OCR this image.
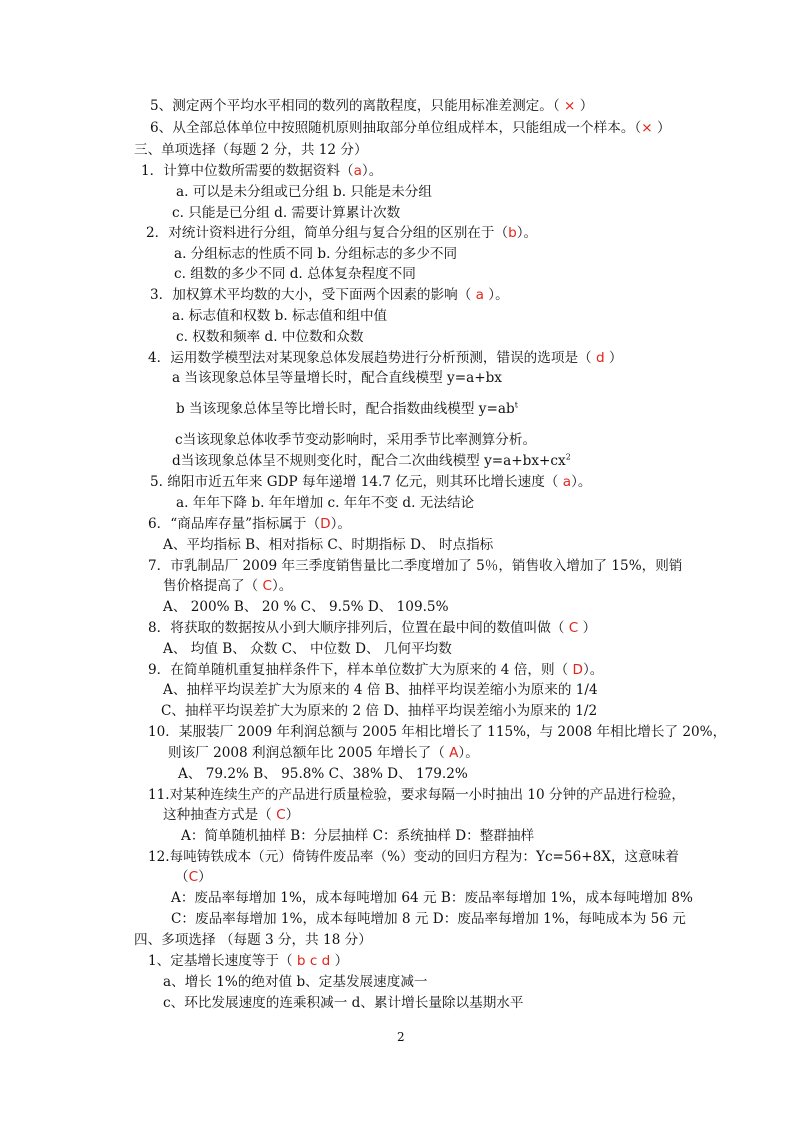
5、测定两个平均水平相同的数列的离散程度，只能用标准差测定。（ × ）
6、从全部总体单位中按照随机原则抽取部分单位组成样本，只能组成一个样本。（× ）
三、单项选择（每题 2 分，共 12 分）
1．计算中位数所需要的数据资料（a）。
a. 可以是未分组或已分组 b. 只能是未分组
c. 只能是已分组 d. 需要计算累计次数
2．对统计资料进行分组，简单分组与复合分组的区别在于（b）。
a. 分组标志的性质不同 b. 分组标志的多少不同
c. 组数的多少不同 d. 总体复杂程度不同
3．加权算术平均数的大小，受下面两个因素的影响（ a ）。
a. 标志值和权数 b. 标志值和组中值
c. 权数和频率 d. 中位数和众数
4．运用数学模型法对某现象总体发展趋势进行分析预测，错误的选项是（ d ）
a 当该现象总体呈等量增长时，配合直线模型 y=a+bx
b 当该现象总体呈等比增长时，配合指数曲线模型 $y=ab^t$
c当该现象总体收季节变动影响时，采用季节比率测算分析。
d当该现象总体呈不规则变化时，配合二次曲线模型 $y=a+bx+cx^2$
5. 绵阳市近五年来 GDP 每年递增 14.7 亿元，则其环比增长速度（ a）。
a. 年年下降 b. 年年增加 c. 年年不变 d. 无法结论
6．“商品库存量”指标属于（D）。
A、平均指标 B、相对指标 C、时期指标 D、 时点指标
7．市乳制品厂 2009 年三季度销售量比二季度增加了 5％，销售收入增加了 15%，则销
售价格提高了（ C）。
A、 200% B、 20 % C、 9.5% D、 109.5%
8．将获取的数据按从小到大顺序排列后，位置在最中间的数值叫做（ C ）
A、 均值 B、 众数 C、 中位数 D、 几何平均数
9．在简单随机重复抽样条件下，样本单位数扩大为原来的 4 倍，则（ D）。
A、抽样平均误差扩大为原来的 4 倍 B、抽样平均误差缩小为原来的 1/4
C、抽样平均误差扩大为原来的 2 倍 D、抽样平均误差缩小为原来的 1/2
10．某服装厂 2009 年利润总额与 2005 年相比增长了 115%，与 2008 年相比增长了 20%，
则该厂 2008 利润总额年比 2005 年增长了（ A）。
A、 79.2% B、 95.8% C、38% D、 179.2%
11.对某种连续生产的产品进行质量检验，要求每隔一小时抽出 10 分钟的产品进行检验，
这种抽查方式是（ C）
A：简单随机抽样 B：分层抽样 C：系统抽样 D：整群抽样
12.每吨铸铁成本（元）倚铸件废品率（%）变动的回归方程为：Yc=56+8X，这意味着
（C）
A：废品率每增加 1%，成本每吨增加 64 元 B：废品率每增加 1%，成本每吨增加 8%
C：废品率每增加 1%，成本每吨增加 8 元 D：废品率每增加 1%，每吨成本为 56 元
四、多项选择 （每题 3 分，共 18 分）
1、定基增长速度等于（ b c d ）
a、增长 1%的绝对值 b、定基发展速度减一
c、环比发展速度的连乘积减一 d、累计增长量除以基期水平
2
